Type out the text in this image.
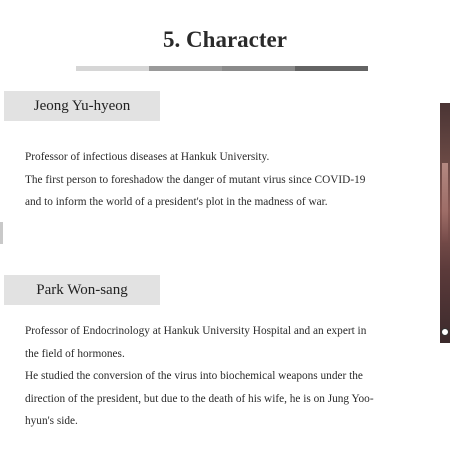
5. Character
Jeong Yu-hyeon

Professor of infectious diseases at Hankuk University.

The first person to foreshadow the danger of mutant virus since COVID-19

and to inform the world of a president's plot in the madness of war.

Park Won-sang

Professor of Endocrinology at Hankuk University Hospital and an expert in

the field of hormones.

He studied the conversion of the virus into biochemical weapons under the

direction of the president, but due to the death of his wife, he is on Jung Yoo-

hyun's side.
